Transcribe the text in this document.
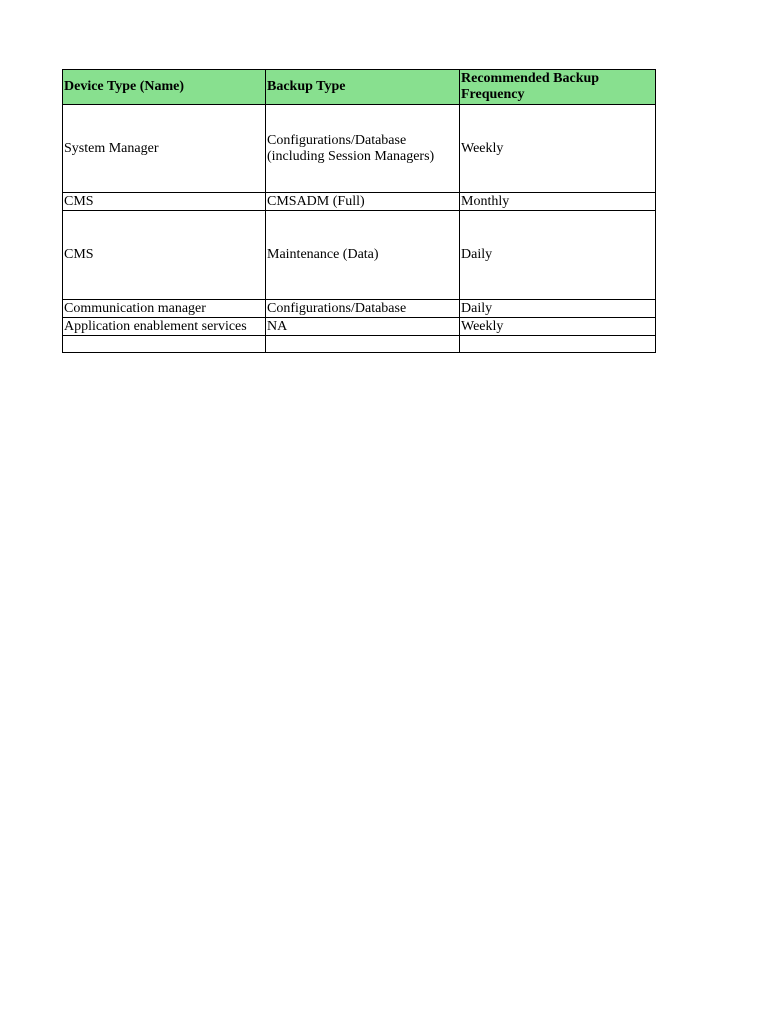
Device Type (Name)	Backup Type	Recommended Backup Frequency
System Manager	Configurations/Database (including Session Managers)	Weekly
CMS	CMSADM (Full)	Monthly
CMS	Maintenance (Data)	Daily
Communication manager	Configurations/Database	Daily
Application enablement services	NA	Weekly
